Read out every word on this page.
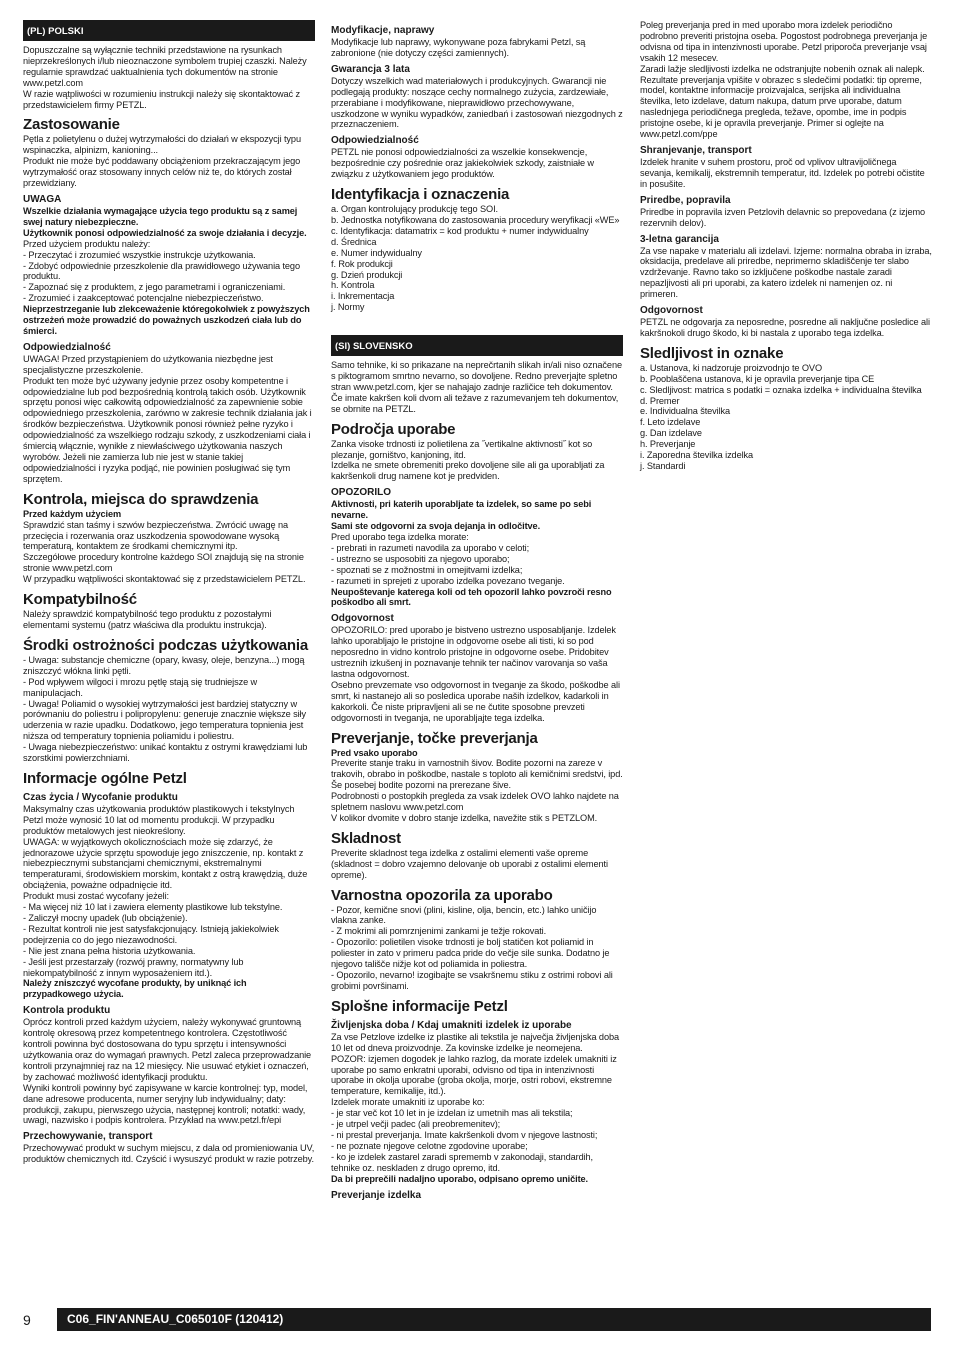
(PL) POLSKI
Dopuszczalne są wyłącznie techniki przedstawione na rysunkach nieprzekreślonych i/lub nieoznaczone symbolem trupiej czaszki. Należy regularnie sprawdzać uaktualnienia tych dokumentów na stronie www.petzl.com
W razie wątpliwości w rozumieniu instrukcji należy się skontaktować z przedstawicielem firmy PETZL.
Zastosowanie
Pętla z polietylenu o dużej wytrzymałości do działań w ekspozycji typu wspinaczka, alpinizm, kanioning...
Produkt nie może być poddawany obciążeniom przekraczającym jego wytrzymałość oraz stosowany innych celów niż te, do których został przewidziany.
UWAGA
Wszelkie działania wymagające użycia tego produktu są z samej swej natury niebezpieczne.
Użytkownik ponosi odpowiedzialność za swoje działania i decyzje.
Przed użyciem produktu należy:
- Przeczytać i zrozumieć wszystkie instrukcje użytkowania.
- Zdobyć odpowiednie przeszkolenie dla prawidłowego używania tego produktu.
- Zapoznać się z produktem, z jego parametrami i ograniczeniami.
- Zrozumieć i zaakceptować potencjalne niebezpieczeństwo.
Nieprzestrzeganie lub zlekceważenie któregokolwiek z powyższych ostrzeżeń może prowadzić do poważnych uszkodzeń ciała lub do śmierci.
Odpowiedzialność
UWAGA! Przed przystąpieniem do użytkowania niezbędne jest specjalistyczne przeszkolenie.
Produkt ten może być używany jedynie przez osoby kompetentne i odpowiedzialne lub pod bezpośrednią kontrolą takich osób. Użytkownik sprzętu ponosi więc całkowitą odpowiedzialność za zapewnienie sobie odpowiedniego przeszkolenia, zarówno w zakresie technik działania jak i środków bezpieczeństwa. Użytkownik ponosi również pełne ryzyko i odpowiedzialność za wszelkiego rodzaju szkody, z uszkodzeniami ciała i śmiercią włącznie, wynikłe z niewłaściwego użytkowania naszych wyrobów. Jeżeli nie zamierza lub nie jest w stanie takiej odpowiedzialności i ryzyka podjąć, nie powinien posługiwać się tym sprzętem.
Kontrola, miejsca do sprawdzenia
Przed każdym użyciem
Sprawdzić stan taśmy i szwów bezpieczeństwa. Zwrócić uwagę na przecięcia i rozerwania oraz uszkodzenia spowodowane wysoką temperaturą, kontaktem ze środkami chemicznymi itp.
Szczegółowe procedury kontrolne każdego SOI znajdują się na stronie stronie www.petzl.com
W przypadku wątpliwości skontaktować się z przedstawicielem PETZL.
Kompatybilność
Należy sprawdzić kompatybilność tego produktu z pozostałymi elementami systemu (patrz właściwa dla produktu instrukcja).
Środki ostrożności podczas użytkowania
- Uwaga: substancje chemiczne (opary, kwasy, oleje, benzyna...) mogą zniszczyć włókna linki pętli.
- Pod wpływem wilgoci i mrozu pętlę stają się trudniejsze w manipulacjach.
- Uwaga! Poliamid o wysokiej wytrzymałości jest bardziej statyczny w porównaniu do poliestru i polipropylenu: generuje znacznie większe siły uderzenia w razie upadku. Dodatkowo, jego temperatura topnienia jest niższa od temperatury topnienia poliamidu i poliestru.
- Uwaga niebezpieczeństwo: unikać kontaktu z ostrymi krawędziami lub szorstkimi powierzchniami.
Informacje ogólne Petzl
Czas życia / Wycofanie produktu
Maksymalny czas użytkowania produktów plastikowych i tekstylnych Petzl może wynosić 10 lat od momentu produkcji. W przypadku produktów metalowych jest nieokreślony.
UWAGA: w wyjątkowych okolicznościach może się zdarzyć, że jednorazowe użycie sprzętu spowoduje jego zniszczenie, np. kontakt z niebezpiecznymi substancjami chemicznymi, ekstremalnymi temperaturami, środowiskiem morskim, kontakt z ostrą krawędzią, duże obciążenia, poważne odpadnięcie itd.
Produkt musi zostać wycofany jeżeli:
- Ma więcej niż 10 lat i zawiera elementy plastikowe lub tekstylne.
- Zaliczył mocny upadek (lub obciążenie).
- Rezultat kontroli nie jest satysfakcjonujący. Istnieją jakiekolwiek podejrzenia co do jego niezawodności.
- Nie jest znana pełna historia użytkowania.
- Jeśli jest przestarzały (rozwój prawny, normatywny lub niekompatybilność z innym wyposażeniem itd.).
Należy zniszczyć wycofane produkty, by uniknąć ich przypadkowego użycia.
Kontrola produktu
Oprócz kontroli przed każdym użyciem, należy wykonywać gruntowną kontrolę okresową przez kompetentnego kontrolera. Częstotliwość kontroli powinna być dostosowana do typu sprzętu i intensywności użytkowania oraz do wymagań prawnych. Petzl zaleca przeprowadzanie kontroli przynajmniej raz na 12 miesięcy. Nie usuwać etykiet i oznaczeń, by zachować możliwość identyfikacji produktu.
Wyniki kontroli powinny być zapisywane w karcie kontrolnej: typ, model, dane adresowe producenta, numer seryjny lub indywidualny; daty: produkcji, zakupu, pierwszego użycia, następnej kontroli; notatki: wady, uwagi, nazwisko i podpis kontrolera. Przykład na www.petzl.fr/epi
Przechowywanie, transport
Przechowywać produkt w suchym miejscu, z dala od promieniowania UV, produktów chemicznych itd. Czyścić i wysuszyć produkt w razie potrzeby.
Modyfikacje, naprawy
Modyfikacje lub naprawy, wykonywane poza fabrykami Petzl, są zabronione (nie dotyczy części zamiennych).
Gwarancja 3 lata
Dotyczy wszelkich wad materiałowych i produkcyjnych. Gwarancji nie podlegają produkty: noszące cechy normalnego zużycia, zardzewiałe, przerabiane i modyfikowane, nieprawidłowo przechowywane, uszkodzone w wyniku wypadków, zaniedbań i zastosowań niezgodnych z przeznaczeniem.
Odpowiedzialność
PETZL nie ponosi odpowiedzialności za wszelkie konsekwencje, bezpośrednie czy pośrednie oraz jakiekolwiek szkody, zaistniałe w związku z użytkowaniem jego produktów.
Identyfikacja i oznaczenia
a. Organ kontrolujący produkcję tego SOI.
b. Jednostka notyfikowana do zastosowania procedury weryfikacji «WE»
c. Identyfikacja: datamatrix = kod produktu + numer indywidualny
d. Średnica
e. Numer indywidualny
f. Rok produkcji
g. Dzień produkcji
h. Kontrola
i. Inkrementacja
j. Normy
(SI) SLOVENSKO
Samo tehnike, ki so prikazane na neprečrtanih slikah in/ali niso označene s piktogramom smrtno nevarno, so dovoljene. Redno preverjajte spletno stran www.petzl.com, kjer se nahajajo zadnje različice teh dokumentov.
Če imate kakršen koli dvom ali težave z razumevanjem teh dokumentov, se obrnite na PETZL.
Področja uporabe
Zanka visoke trdnosti iz polietilena za ˝vertikalne aktivnosti˝ kot so plezanje, gorništvo, kanjoning, itd.
Izdelka ne smete obremeniti preko dovoljene sile ali ga uporabljati za kakršenkoli drug namene kot je predviden.
OPOZORILO
Aktivnosti, pri katerih uporabljate ta izdelek, so same po sebi nevarne.
Sami ste odgovorni za svoja dejanja in odločitve.
Pred uporabo tega izdelka morate:
- prebrati in razumeti navodila za uporabo v celoti;
- ustrezno se usposobiti za njegovo uporabo;
- spoznati se z možnostmi in omejitvami izdelka;
- razumeti in sprejeti z uporabo izdelka povezano tveganje.
Neupoštevanje katerega koli od teh opozoril lahko povzroči resno poškodbo ali smrt.
Odgovornost
OPOZORILO: pred uporabo je bistveno ustrezno usposabljanje. Izdelek lahko uporabljajo le pristojne in odgovorne osebe ali tisti, ki so pod neposredno in vidno kontrolo pristojne in odgovorne osebe. Pridobitev ustreznih izkušenj in poznavanje tehnik ter načinov varovanja so vaša lastna odgovornost.
Osebno prevzemate vso odgovornost in tveganje za škodo, poškodbe ali smrt, ki nastanejo ali so posledica uporabe naših izdelkov, kadarkoli in kakorkoli. Če niste pripravljeni ali se ne čutite sposobne prevzeti odgovornosti in tveganja, ne uporabljajte tega izdelka.
Preverjanje, točke preverjanja
Pred vsako uporabo
Preverite stanje traku in varnostnih šivov. Bodite pozorni na zareze v trakovih, obrabo in poškodbe, nastale s toplotо ali kemičnimi sredstvi, ipd. Še posebej bodite pozorni na prerezane šive.
Podrobnosti o postopkih pregleda za vsak izdelek OVO lahko najdete na spletnem naslovu www.petzl.com
V kolikor dvomite v dobro stanje izdelka, navežite stik s PETZLOM.
Skladnost
Preverite skladnost tega izdelka z ostalimi elementi vaše opreme (skladnost = dobro vzajemno delovanje ob uporabi z ostalimi elementi opreme).
Varnostna opozorila za uporabo
- Pozor, kemične snovi (plini, kisline, olja, bencin, etc.) lahko uničijo vlakna zanke.
- Z mokrimi ali pomrznjenimi zankami je težje rokovati.
- Opozorilo: polietilen visoke trdnosti je bolj statičen kot poliamid in poliester in zato v primeru padca pride do večje sile sunka. Dodatno je njegovo tališče nižje kot od poliamida in poliestra.
- Opozorilo, nevarno! izogibajte se vsakršnemu stiku z ostrimi robovi ali grobimi površinami.
Splošne informacije Petzl
Življenjska doba / Kdaj umakniti izdelek iz uporabe
Za vse Petzlove izdelke iz plastike ali tekstila je največja življenjska doba 10 let od dneva proizvodnje. Za kovinske izdelke je neomejena.
POZOR: izjemen dogodek je lahko razlog, da morate izdelek umakniti iz uporabe po samo enkratni uporabi, odvisno od tipa in intenzivnosti uporabe in okolja uporabe (groba okolja, morje, ostri robovi, ekstremne temperature, kemikalije, itd.).
Izdelek morate umakniti iz uporabe ko:
- je star več kot 10 let in je izdelan iz umetnih mas ali tekstila;
- je utrpel večji padec (ali preobremenitev);
- ni prestal preverjanja. Imate kakršenkoli dvom v njegove lastnosti;
- ne poznate njegove celotne zgodovine uporabe;
- ko je izdelek zastarel zaradi sprememb v zakonodaji, standardih, tehnike oz. neskladen z drugo opremo, itd.
Da bi preprečili nadaljno uporabo, odpisano opremo uničite.
Preverjanje izdelka
Poleg preverjanja pred in med uporabo mora izdelek periodično podrobno preveriti pristojna oseba. Pogostost podrobnega preverjanja je odvisna od tipa in intenzivnosti uporabe. Petzl priporoča preverjanje vsaj vsakih 12 mesecev.
Zaradi lažje sledljivosti izdelka ne odstranjujte nobenih oznak ali nalepk.
Rezultate preverjanja vpišite v obrazec s sledečimi podatki: tip opreme, model, kontaktne informacije proizvajalca, serijska ali individualna številka, leto izdelave, datum nakupa, datum prve uporabe, datum naslednjega periodičnega pregleda, težave, opombe, ime in podpis pristojne osebe, ki je opravila preverjanje. Primer si oglejte na www.petzl.com/ppe
Shranjevanje, transport
Izdelek hranite v suhem prostoru, proč od vplivov ultravijoličnega sevanja, kemikalij, ekstremnih temperatur, itd. Izdelek po potrebi očistite in posušite.
Priredbe, popravila
Priredbe in popravila izven Petzlovih delavnic so prepovedana (z izjemo rezervnih delov).
3-letna garancija
Za vse napake v materialu ali izdelavi. Izjeme: normalna obraba in izraba, oksidacija, predelave ali priredbe, neprimerno skladiščenje ter slabo vzdrževanje. Ravno tako so izključene poškodbe nastale zaradi nepazljivosti ali pri uporabi, za katero izdelek ni namenjen oz. ni primeren.
Odgovornost
PETZL ne odgovarja za neposredne, posredne ali naključne posledice ali kakršnokoli drugo škodo, ki bi nastala z uporabo tega izdelka.
Sledljivost in oznake
a. Ustanova, ki nadzoruje proizvodnjo te OVO
b. Pooblaščena ustanova, ki je opravila preverjanje tipa CE
c. Sledljivost: matrica s podatki = oznaka izdelka + individualna številka
d. Premer
e. Individualna številka
f. Leto izdelave
g. Dan izdelave
h. Preverjanje
i. Zaporedna številka izdelka
j. Standardi
9	C06_FIN'ANNEAU_C065010F (120412)
